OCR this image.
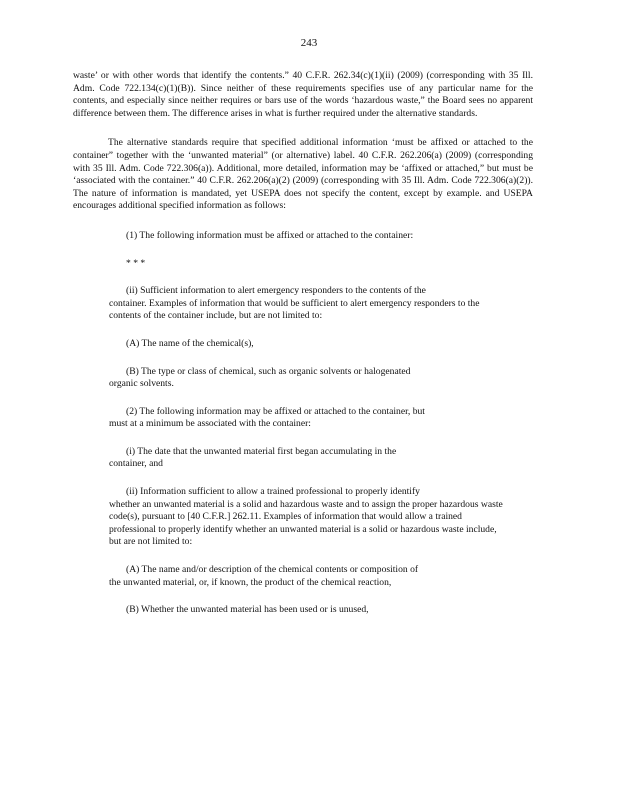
243

waste’ or with other words that identify the contents.” 40 C.F.R. 262.34(c)(1)(ii) (2009) (corresponding with 35 Ill. Adm. Code 722.134(c)(1)(B)). Since neither of these requirements specifies use of any particular name for the contents, and especially since neither requires or bars use of the words ‘hazardous waste,” the Board sees no apparent difference between them. The difference arises in what is further required under the alternative standards.

The alternative standards require that specified additional information ‘must be affixed or attached to the container” together with the ‘unwanted material” (or alternative) label. 40 C.F.R. 262.206(a) (2009) (corresponding with 35 Ill. Adm. Code 722.306(a)). Additional, more detailed, information may be ‘affixed or attached,” but must be ‘associated with the container.” 40 C.F.R. 262.206(a)(2) (2009) (corresponding with 35 Ill. Adm. Code 722.306(a)(2)). The nature of information is mandated, yet USEPA does not specify the content, except by example. and USEPA encourages additional specified information as follows:

(1) The following information must be affixed or attached to the container:

* * *

(ii) Sufficient information to alert emergency responders to the contents of the

container. Examples of information that would be sufficient to alert emergency responders to the contents of the container include, but are not limited to:

(A) The name of the chemical(s),

(B) The type or class of chemical, such as organic solvents or halogenated

organic solvents.

(2) The following information may be affixed or attached to the container, but

must at a minimum be associated with the container:

(i) The date that the unwanted material first began accumulating in the

container, and

(ii) Information sufficient to allow a trained professional to properly identify

whether an unwanted material is a solid and hazardous waste and to assign the proper hazardous waste code(s), pursuant to [40 C.F.R.] 262.11. Examples of information that would allow a trained professional to properly identify whether an unwanted material is a solid or hazardous waste include, but are not limited to:

(A) The name and/or description of the chemical contents or composition of

the unwanted material, or, if known, the product of the chemical reaction,

(B) Whether the unwanted material has been used or is unused,
